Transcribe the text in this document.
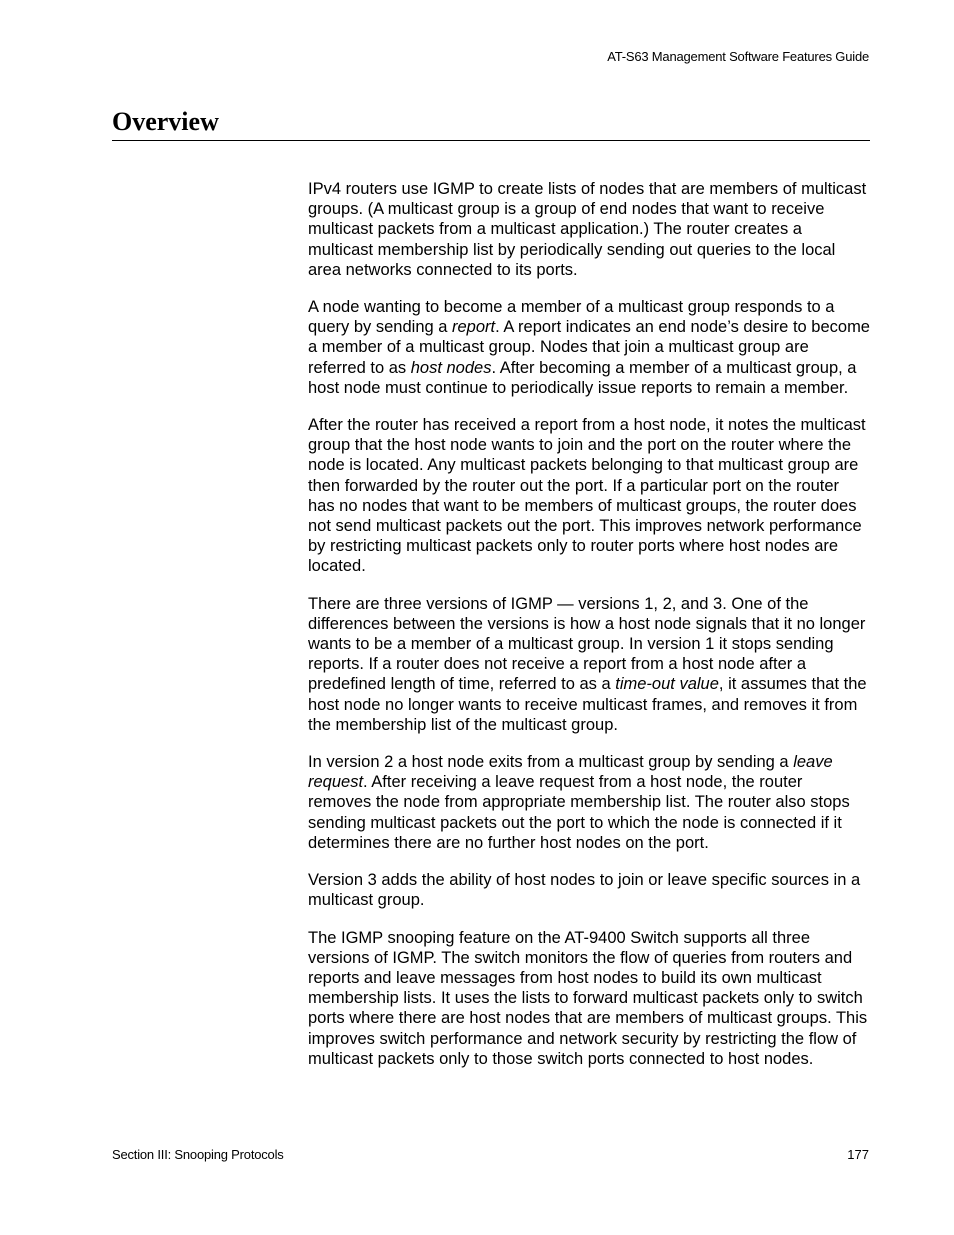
AT-S63 Management Software Features Guide
Overview

IPv4 routers use IGMP to create lists of nodes that are members of multicast groups. (A multicast group is a group of end nodes that want to receive multicast packets from a multicast application.) The router creates a multicast membership list by periodically sending out queries to the local area networks connected to its ports.

A node wanting to become a member of a multicast group responds to a query by sending a report. A report indicates an end node’s desire to become a member of a multicast group. Nodes that join a multicast group are referred to as host nodes. After becoming a member of a multicast group, a host node must continue to periodically issue reports to remain a member.

After the router has received a report from a host node, it notes the multicast group that the host node wants to join and the port on the router where the node is located. Any multicast packets belonging to that multicast group are then forwarded by the router out the port. If a particular port on the router has no nodes that want to be members of multicast groups, the router does not send multicast packets out the port. This improves network performance by restricting multicast packets only to router ports where host nodes are located.

There are three versions of IGMP — versions 1, 2, and 3. One of the differences between the versions is how a host node signals that it no longer wants to be a member of a multicast group. In version 1 it stops sending reports. If a router does not receive a report from a host node after a predefined length of time, referred to as a time-out value, it assumes that the host node no longer wants to receive multicast frames, and removes it from the membership list of the multicast group.

In version 2 a host node exits from a multicast group by sending a leave request. After receiving a leave request from a host node, the router removes the node from appropriate membership list. The router also stops sending multicast packets out the port to which the node is connected if it determines there are no further host nodes on the port.

Version 3 adds the ability of host nodes to join or leave specific sources in a multicast group.

The IGMP snooping feature on the AT-9400 Switch supports all three versions of IGMP. The switch monitors the flow of queries from routers and reports and leave messages from host nodes to build its own multicast membership lists. It uses the lists to forward multicast packets only to switch ports where there are host nodes that are members of multicast groups. This improves switch performance and network security by restricting the flow of multicast packets only to those switch ports connected to host nodes.

Section III: Snooping Protocols	177
